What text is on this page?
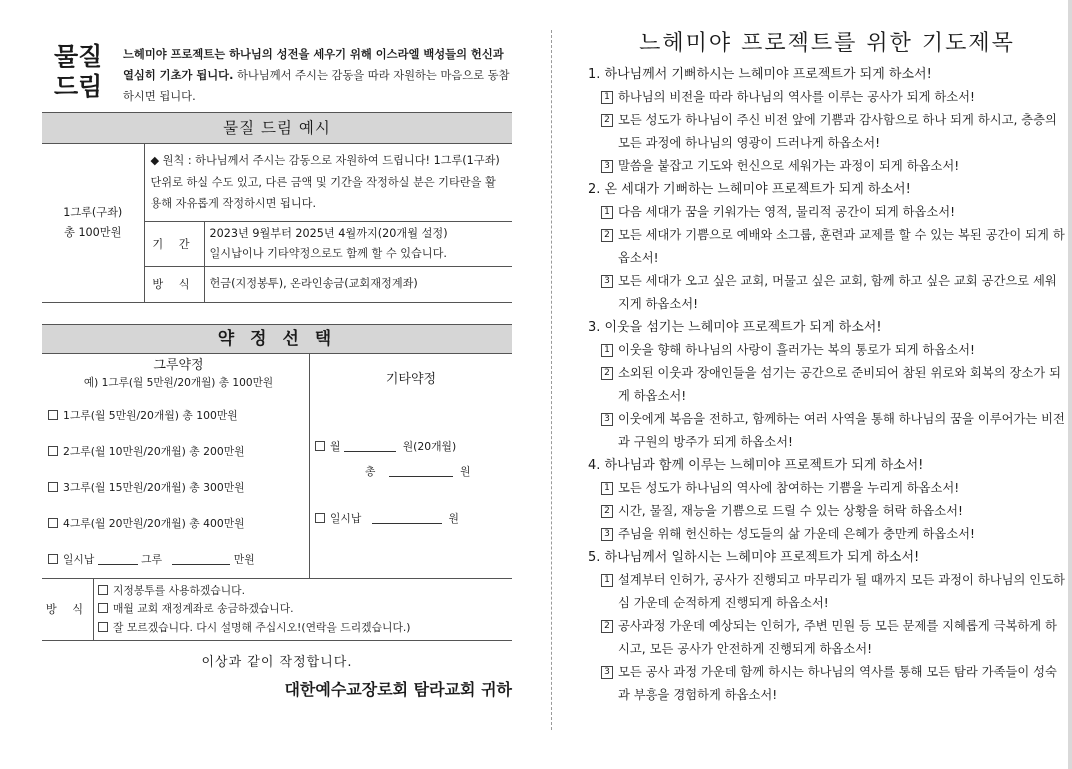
물질
드림
느헤미야 프로젝트는 하나님의 성전을 세우기 위해 이스라엘 백성들의 헌신과 열심히 기초가 됩니다. 하나님께서 주시는 감동을 따라 자원하는 마음으로 동참하시면 됩니다.
물질 드림 예시
1그루(구좌)
총 100만원	◆ 원칙 : 하나님께서 주시는 감동으로 자원하여 드립니다! 1그루(1구좌) 단위로 하실 수도 있고, 다른 금액 및 기간을 작정하실 분은 기타란을 활용해 자유롭게 작정하시면 됩니다.	
	기 간	2023년 9월부터 2025년 4월까지(20개월 설정)
일시납이나 기타약정으로도 함께 할 수 있습니다.

	방 식	헌금(지정봉투), 온라인송금(교회재정계좌)
약 정 선 택
그루약정
예) 1그루(월 5만원/20개월) 총 100만원
1그루(월 5만원/20개월) 총 100만원
2그루(월 10만원/20개월) 총 200만원
3그루(월 15만원/20개월) 총 300만원
4그루(월 20만원/20개월) 총 400만원
일시납	그루	만원
기타약정
월	원(20개월)
총	원
일시납	원
방 식
지정봉투를 사용하겠습니다.
매월 교회 재정계좌로 송금하겠습니다.
잘 모르겠습니다. 다시 설명해 주십시오!(연락을 드리겠습니다.)
이상과 같이 작정합니다.
대한예수교장로회 탐라교회 귀하
느헤미야 프로젝트를 위한 기도제목
1. 하나님께서 기뻐하시는 느헤미야 프로젝트가 되게 하소서!
1 하나님의 비전을 따라 하나님의 역사를 이루는 공사가 되게 하소서!
2 모든 성도가 하나님이 주신 비전 앞에 기쁨과 감사함으로 하나 되게 하시고, 층층의 모든 과정에 하나님의 영광이 드러나게 하옵소서!
3 말씀을 붙잡고 기도와 헌신으로 세워가는 과정이 되게 하옵소서!
2. 온 세대가 기뻐하는 느헤미야 프로젝트가 되게 하소서!
1 다음 세대가 꿈을 키워가는 영적, 물리적 공간이 되게 하옵소서!
2 모든 세대가 기쁨으로 예배와 소그룹, 훈련과 교제를 할 수 있는 복된 공간이 되게 하옵소서!
3 모든 세대가 오고 싶은 교회, 머물고 싶은 교회, 함께 하고 싶은 교회 공간으로 세워지게 하옵소서!
3. 이웃을 섬기는 느헤미야 프로젝트가 되게 하소서!
1 이웃을 향해 하나님의 사랑이 흘러가는 복의 통로가 되게 하옵소서!
2 소외된 이웃과 장애인들을 섬기는 공간으로 준비되어 참된 위로와 회복의 장소가 되게 하옵소서!
3 이웃에게 복음을 전하고, 함께하는 여러 사역을 통해 하나님의 꿈을 이루어가는 비전과 구원의 방주가 되게 하옵소서!
4. 하나님과 함께 이루는 느헤미야 프로젝트가 되게 하소서!
1 모든 성도가 하나님의 역사에 참여하는 기쁨을 누리게 하옵소서!
2 시간, 물질, 재능을 기쁨으로 드릴 수 있는 상황을 허락 하옵소서!
3 주님을 위해 헌신하는 성도들의 삶 가운데 은혜가 충만케 하옵소서!
5. 하나님께서 일하시는 느헤미야 프로젝트가 되게 하소서!
1 설계부터 인허가, 공사가 진행되고 마무리가 될 때까지 모든 과정이 하나님의 인도하심 가운데 순적하게 진행되게 하옵소서!
2 공사과정 가운데 예상되는 인허가, 주변 민원 등 모든 문제를 지혜롭게 극복하게 하시고, 모든 공사가 안전하게 진행되게 하옵소서!
3 모든 공사 과정 가운데 함께 하시는 하나님의 역사를 통해 모든 탐라 가족들이 성숙과 부흥을 경험하게 하옵소서!
